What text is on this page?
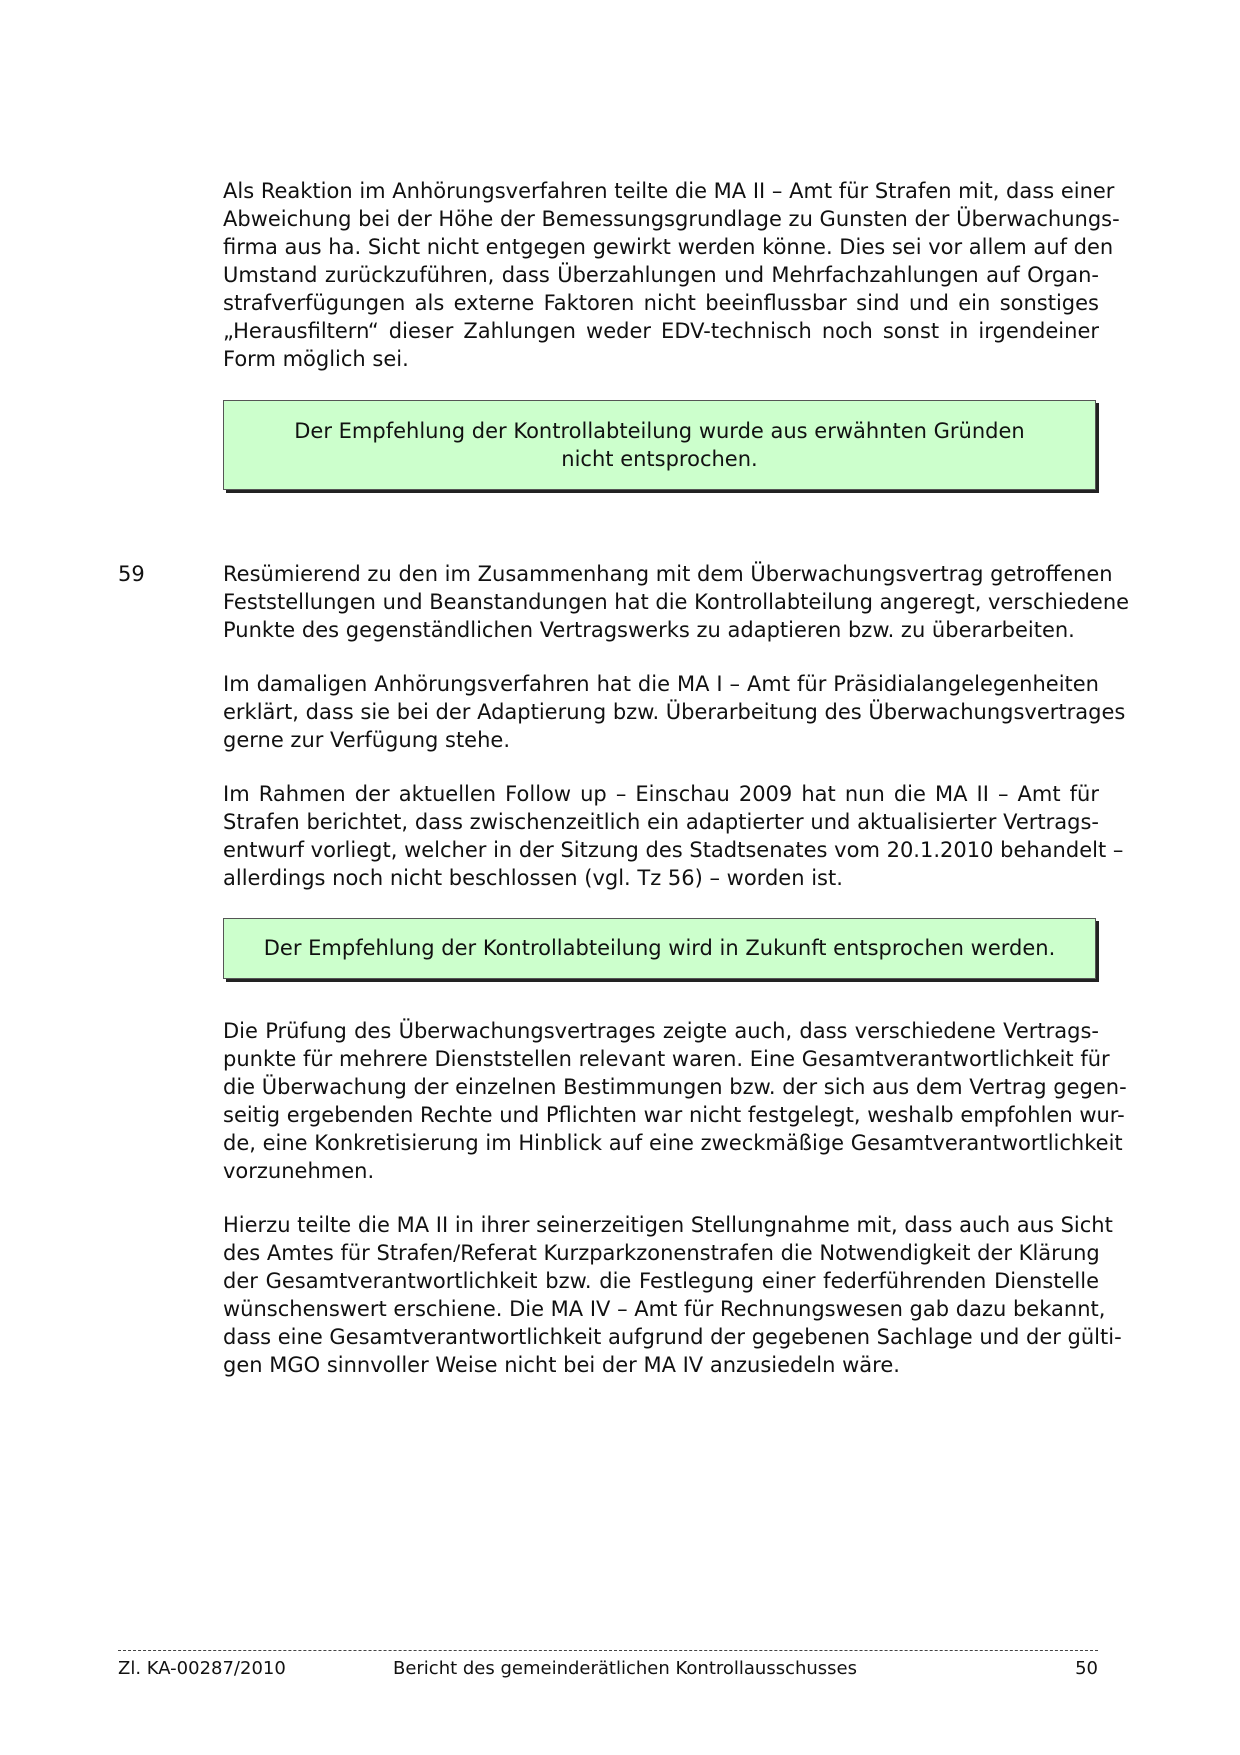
Als Reaktion im Anhörungsverfahren teilte die MA II – Amt für Strafen mit, dass einer
Abweichung bei der Höhe der Bemessungsgrundlage zu Gunsten der Überwachungs-
firma aus ha. Sicht nicht entgegen gewirkt werden könne. Dies sei vor allem auf den
Umstand zurückzuführen, dass Überzahlungen und Mehrfachzahlungen auf Organ-
strafverfügungen als externe Faktoren nicht beeinflussbar sind und ein sonstiges
„Herausfiltern“ dieser Zahlungen weder EDV-technisch noch sonst in irgendeiner
Form möglich sei.
Der Empfehlung der Kontrollabteilung wurde aus erwähnten Gründen
nicht entsprochen.
59	Resümierend zu den im Zusammenhang mit dem Überwachungsvertrag getroffenen
Feststellungen und Beanstandungen hat die Kontrollabteilung angeregt, verschiedene
Punkte des gegenständlichen Vertragswerks zu adaptieren bzw. zu überarbeiten.
Im damaligen Anhörungsverfahren hat die MA I – Amt für Präsidialangelegenheiten
erklärt, dass sie bei der Adaptierung bzw. Überarbeitung des Überwachungsvertrages
gerne zur Verfügung stehe.
Im Rahmen der aktuellen Follow up – Einschau 2009 hat nun die MA II – Amt für
Strafen berichtet, dass zwischenzeitlich ein adaptierter und aktualisierter Vertrags-
entwurf vorliegt, welcher in der Sitzung des Stadtsenates vom 20.1.2010 behandelt –
allerdings noch nicht beschlossen (vgl. Tz 56) – worden ist.
Der Empfehlung der Kontrollabteilung wird in Zukunft entsprochen werden.
Die Prüfung des Überwachungsvertrages zeigte auch, dass verschiedene Vertrags-
punkte für mehrere Dienststellen relevant waren. Eine Gesamtverantwortlichkeit für
die Überwachung der einzelnen Bestimmungen bzw. der sich aus dem Vertrag gegen-
seitig ergebenden Rechte und Pflichten war nicht festgelegt, weshalb empfohlen wur-
de, eine Konkretisierung im Hinblick auf eine zweckmäßige Gesamtverantwortlichkeit
vorzunehmen.
Hierzu teilte die MA II in ihrer seinerzeitigen Stellungnahme mit, dass auch aus Sicht
des Amtes für Strafen/Referat Kurzparkzonenstrafen die Notwendigkeit der Klärung
der Gesamtverantwortlichkeit bzw. die Festlegung einer federführenden Dienstelle
wünschenswert erschiene. Die MA IV – Amt für Rechnungswesen gab dazu bekannt,
dass eine Gesamtverantwortlichkeit aufgrund der gegebenen Sachlage und der gülti-
gen MGO sinnvoller Weise nicht bei der MA IV anzusiedeln wäre.
Zl. KA-00287/2010	Bericht des gemeinderätlichen Kontrollausschusses	50
